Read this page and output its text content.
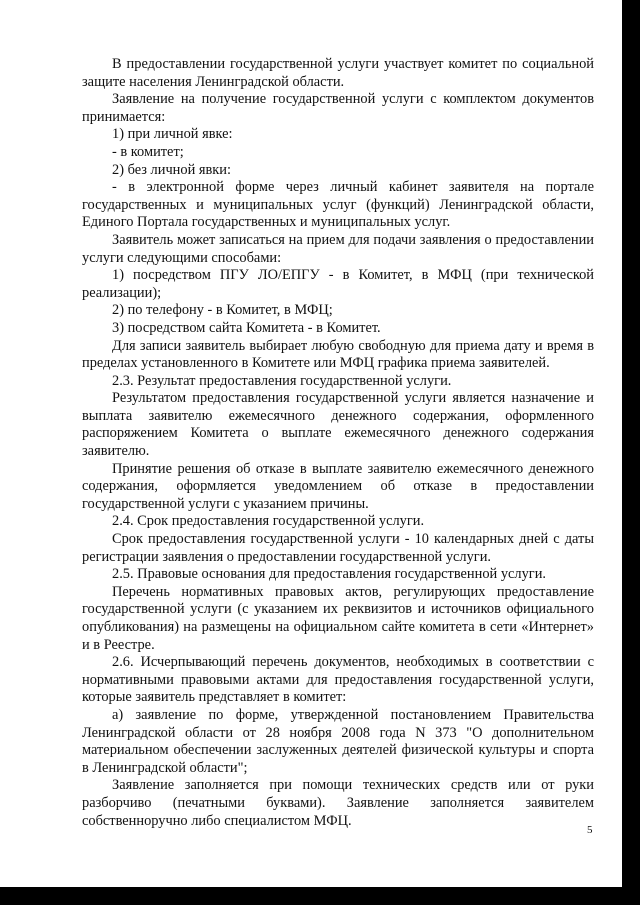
В предоставлении государственной услуги участвует комитет по социальной защите населения Ленинградской области.

Заявление на получение государственной услуги с комплектом документов принимается:

1) при личной явке:

- в комитет;

2) без личной явки:

- в электронной форме через личный кабинет заявителя на портале государственных и муниципальных услуг (функций) Ленинградской области, Единого Портала государственных и муниципальных услуг.

Заявитель может записаться на прием для подачи заявления о предоставлении услуги следующими способами:

1) посредством ПГУ ЛО/ЕПГУ - в Комитет, в МФЦ (при технической реализации);

2) по телефону - в Комитет, в МФЦ;

3) посредством сайта Комитета - в Комитет.

Для записи заявитель выбирает любую свободную для приема дату и время в пределах установленного в Комитете или МФЦ графика приема заявителей.

2.3. Результат предоставления государственной услуги.

Результатом предоставления государственной услуги является назначение и выплата заявителю ежемесячного денежного содержания, оформленного распоряжением Комитета о выплате ежемесячного денежного содержания заявителю.

Принятие решения об отказе в выплате заявителю ежемесячного денежного содержания, оформляется уведомлением об отказе в предоставлении государственной услуги с указанием причины.

2.4. Срок предоставления государственной услуги.

Срок предоставления государственной услуги - 10 календарных дней с даты регистрации заявления о предоставлении государственной услуги.

2.5. Правовые основания для предоставления государственной услуги.

Перечень нормативных правовых актов, регулирующих предоставление государственной услуги (с указанием их реквизитов и источников официального опубликования) на размещены на официальном сайте комитета в сети «Интернет» и в Реестре.

2.6. Исчерпывающий перечень документов, необходимых в соответствии с нормативными правовыми актами для предоставления государственной услуги, которые заявитель представляет в комитет:

а) заявление по форме, утвержденной постановлением Правительства Ленинградской области от 28 ноября 2008 года N 373 "О дополнительном материальном обеспечении заслуженных деятелей физической культуры и спорта в Ленинградской области";

Заявление заполняется при помощи технических средств или от руки разборчиво (печатными буквами). Заявление заполняется заявителем собственноручно либо специалистом МФЦ.

5
